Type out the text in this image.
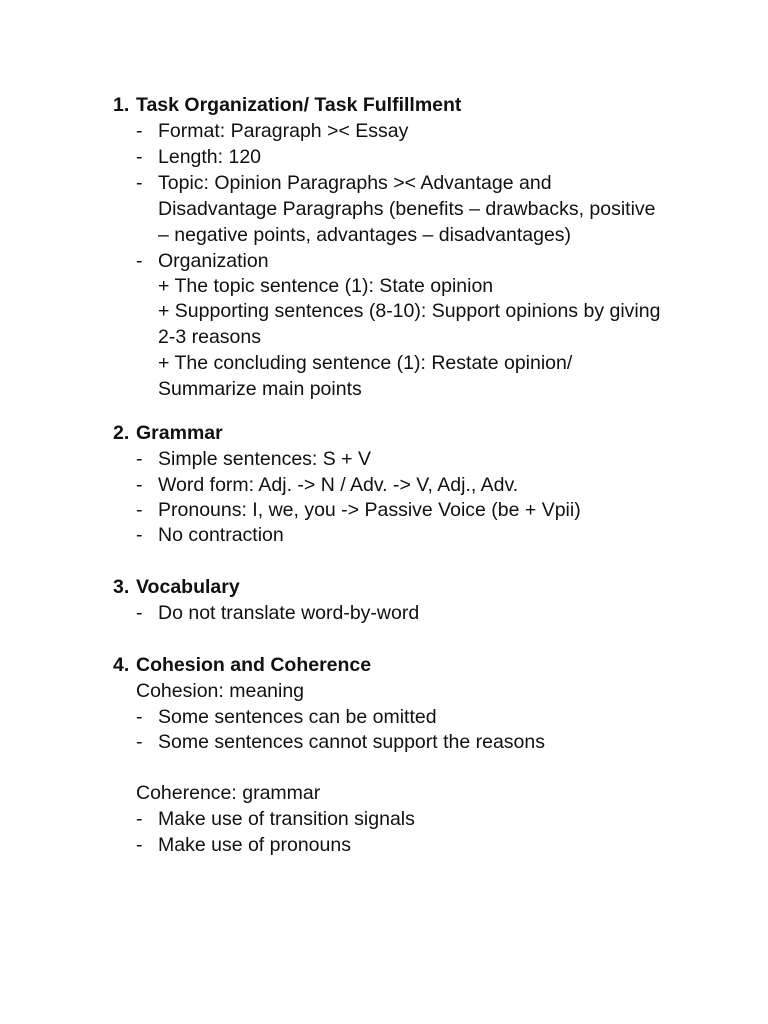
1. Task Organization/ Task Fulfillment
- Format: Paragraph >< Essay
- Length: 120
- Topic: Opinion Paragraphs >< Advantage and
Disadvantage Paragraphs (benefits – drawbacks, positive
– negative points, advantages – disadvantages)
- Organization
+ The topic sentence (1): State opinion
+ Supporting sentences (8-10): Support opinions by giving
2-3 reasons
+ The concluding sentence (1): Restate opinion/
Summarize main points
2. Grammar
- Simple sentences: S + V
- Word form: Adj. -> N / Adv. -> V, Adj., Adv.
- Pronouns: I, we, you -> Passive Voice (be + Vpii)
- No contraction
3. Vocabulary
- Do not translate word-by-word
4. Cohesion and Coherence
Cohesion: meaning
- Some sentences can be omitted
- Some sentences cannot support the reasons
Coherence: grammar
- Make use of transition signals
- Make use of pronouns
